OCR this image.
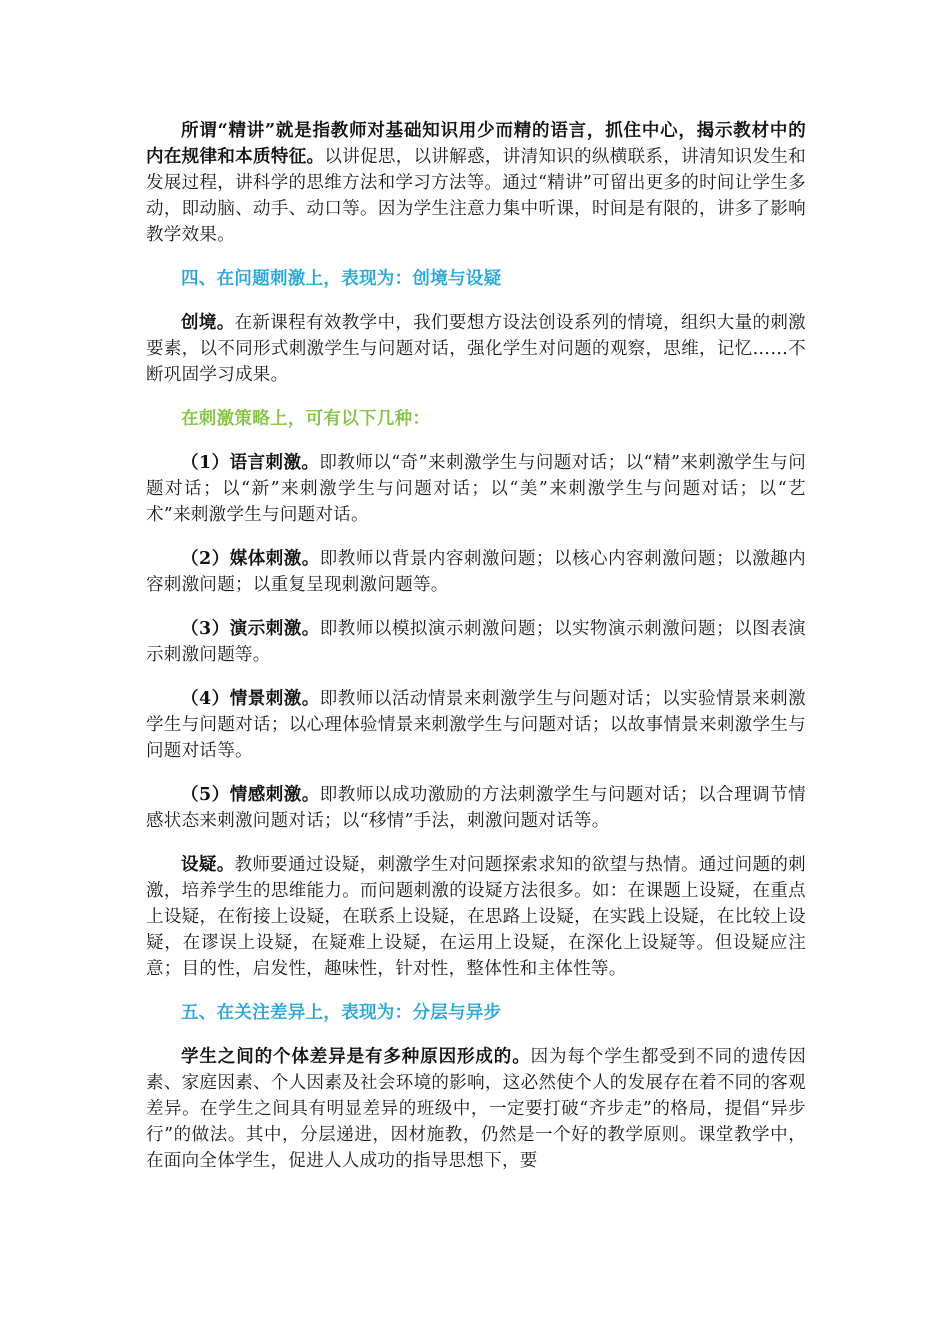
所谓“精讲”就是指教师对基础知识用少而精的语言，抓住中心，揭示教材中的内在规律和本质特征。以讲促思，以讲解惑，讲清知识的纵横联系，讲清知识发生和发展过程，讲科学的思维方法和学习方法等。通过“精讲”可留出更多的时间让学生多动，即动脑、动手、动口等。因为学生注意力集中听课，时间是有限的，讲多了影响教学效果。

四、在问题刺激上，表现为：创境与设疑

创境。在新课程有效教学中，我们要想方设法创设系列的情境，组织大量的刺激要素，以不同形式刺激学生与问题对话，强化学生对问题的观察，思维，记忆……不断巩固学习成果。

在刺激策略上，可有以下几种：

（1）语言刺激。即教师以“奇”来刺激学生与问题对话；以“精”来刺激学生与问题对话；以“新”来刺激学生与问题对话；以“美”来刺激学生与问题对话；以“艺术”来刺激学生与问题对话。

（2）媒体刺激。即教师以背景内容刺激问题；以核心内容刺激问题；以激趣内容刺激问题；以重复呈现刺激问题等。

（3）演示刺激。即教师以模拟演示刺激问题；以实物演示刺激问题；以图表演示刺激问题等。

（4）情景刺激。即教师以活动情景来刺激学生与问题对话；以实验情景来刺激学生与问题对话；以心理体验情景来刺激学生与问题对话；以故事情景来刺激学生与问题对话等。

（5）情感刺激。即教师以成功激励的方法刺激学生与问题对话；以合理调节情感状态来刺激问题对话；以“移情”手法，刺激问题对话等。

设疑。教师要通过设疑，刺激学生对问题探索求知的欲望与热情。通过问题的刺激，培养学生的思维能力。而问题刺激的设疑方法很多。如：在课题上设疑，在重点上设疑，在衔接上设疑，在联系上设疑，在思路上设疑，在实践上设疑，在比较上设疑，在谬误上设疑，在疑难上设疑，在运用上设疑，在深化上设疑等。但设疑应注意；目的性，启发性，趣味性，针对性，整体性和主体性等。

五、在关注差异上，表现为：分层与异步

学生之间的个体差异是有多种原因形成的。因为每个学生都受到不同的遗传因素、家庭因素、个人因素及社会环境的影响，这必然使个人的发展存在着不同的客观差异。在学生之间具有明显差异的班级中，一定要打破“齐步走”的格局，提倡“异步行”的做法。其中，分层递进，因材施教，仍然是一个好的教学原则。课堂教学中，在面向全体学生，促进人人成功的指导思想下，要
